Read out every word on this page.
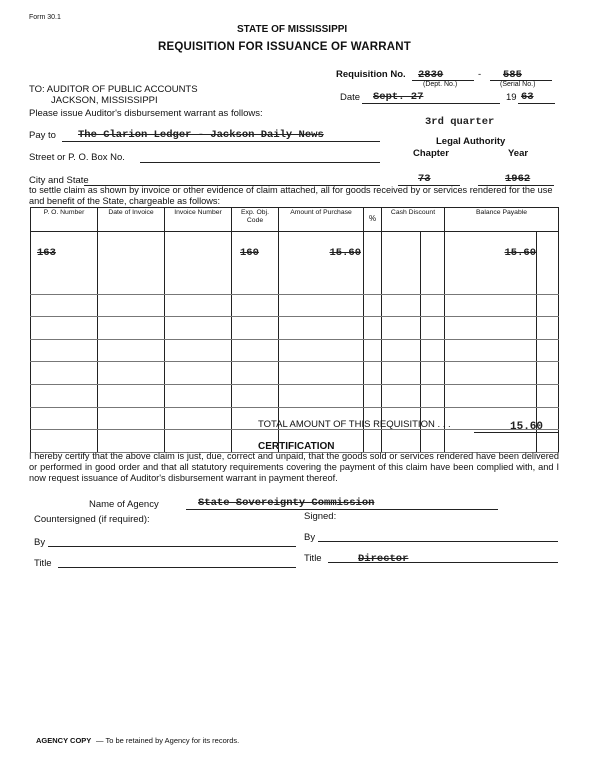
Form 30.1
STATE OF MISSISSIPPI
REQUISITION FOR ISSUANCE OF WARRANT
Requisition No. 2830
(Dept. No.)
- 585
(Serial No.)
TO: AUDITOR OF PUBLIC ACCOUNTS
JACKSON, MISSISSIPPI	Date Sept. 27	19 63
Please issue Auditor's disbursement warrant as follows:
3rd quarter
Pay to The Clarion Ledger - Jackson Daily News
Legal Authority
Chapter	Year
Street or P. O. Box No.
City and State	73	1962
to settle claim as shown by invoice or other evidence of claim attached, all for goods received by or services rendered for the use and benefit of the State, chargeable as follows:
P. O. Number	Date of Invoice	Invoice Number	Exp. Obj. Code	Amount of Purchase	%	Cash Discount		Balance Payable	
163			160	15.60				15.60	

TOTAL AMOUNT OF THIS REQUISITION . . .	15.60
CERTIFICATION
I hereby certify that the above claim is just, due, correct and unpaid, that the goods sold or services rendered have been delivered or performed in good order and that all statutory requirements covering the payment of this claim have been complied with, and I now request issuance of Auditor's disbursement warrant in payment thereof.
Name of Agency	State Sovereignty Commission
Countersigned (if required):	Signed:
By	By
Title	Title	Director
AGENCY COPY — To be retained by Agency for its records.
